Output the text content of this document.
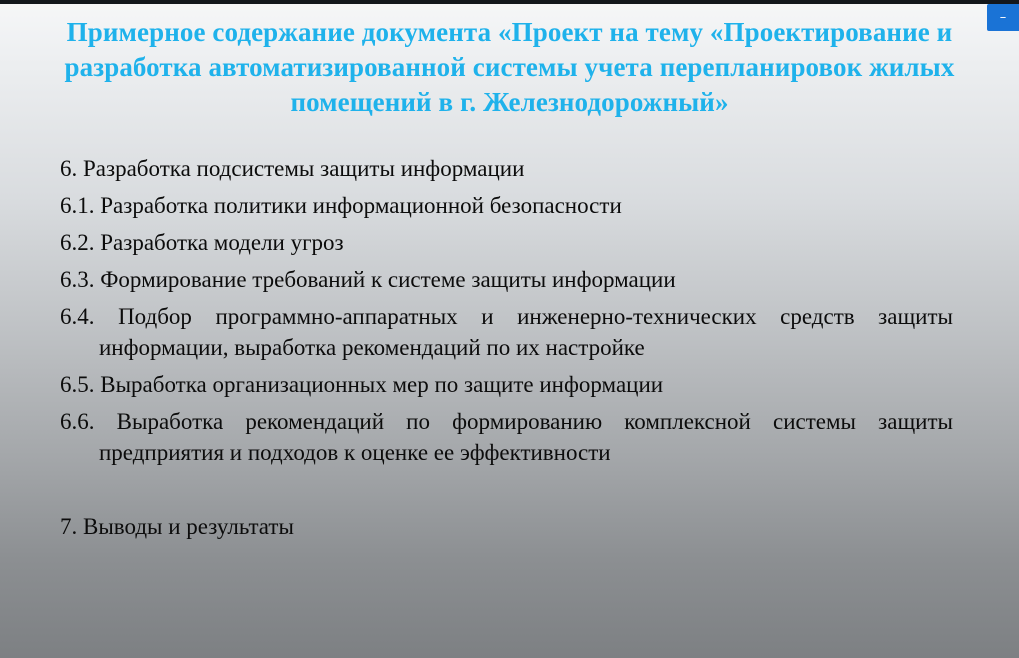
–
Примерное содержание документа «Проект на тему «Проектирование и разработка автоматизированной системы учета перепланировок жилых помещений в г. Железнодорожный»
6. Разработка подсистемы защиты информации
6.1. Разработка политики информационной безопасности
6.2. Разработка модели угроз
6.3. Формирование требований к системе защиты информации
6.4. Подбор программно-аппаратных и инженерно-технических средств защиты информации, выработка рекомендаций по их настройке
6.5. Выработка организационных мер по защите информации
6.6. Выработка рекомендаций по формированию комплексной системы защиты предприятия и подходов к оценке ее эффективности
7. Выводы и результаты
